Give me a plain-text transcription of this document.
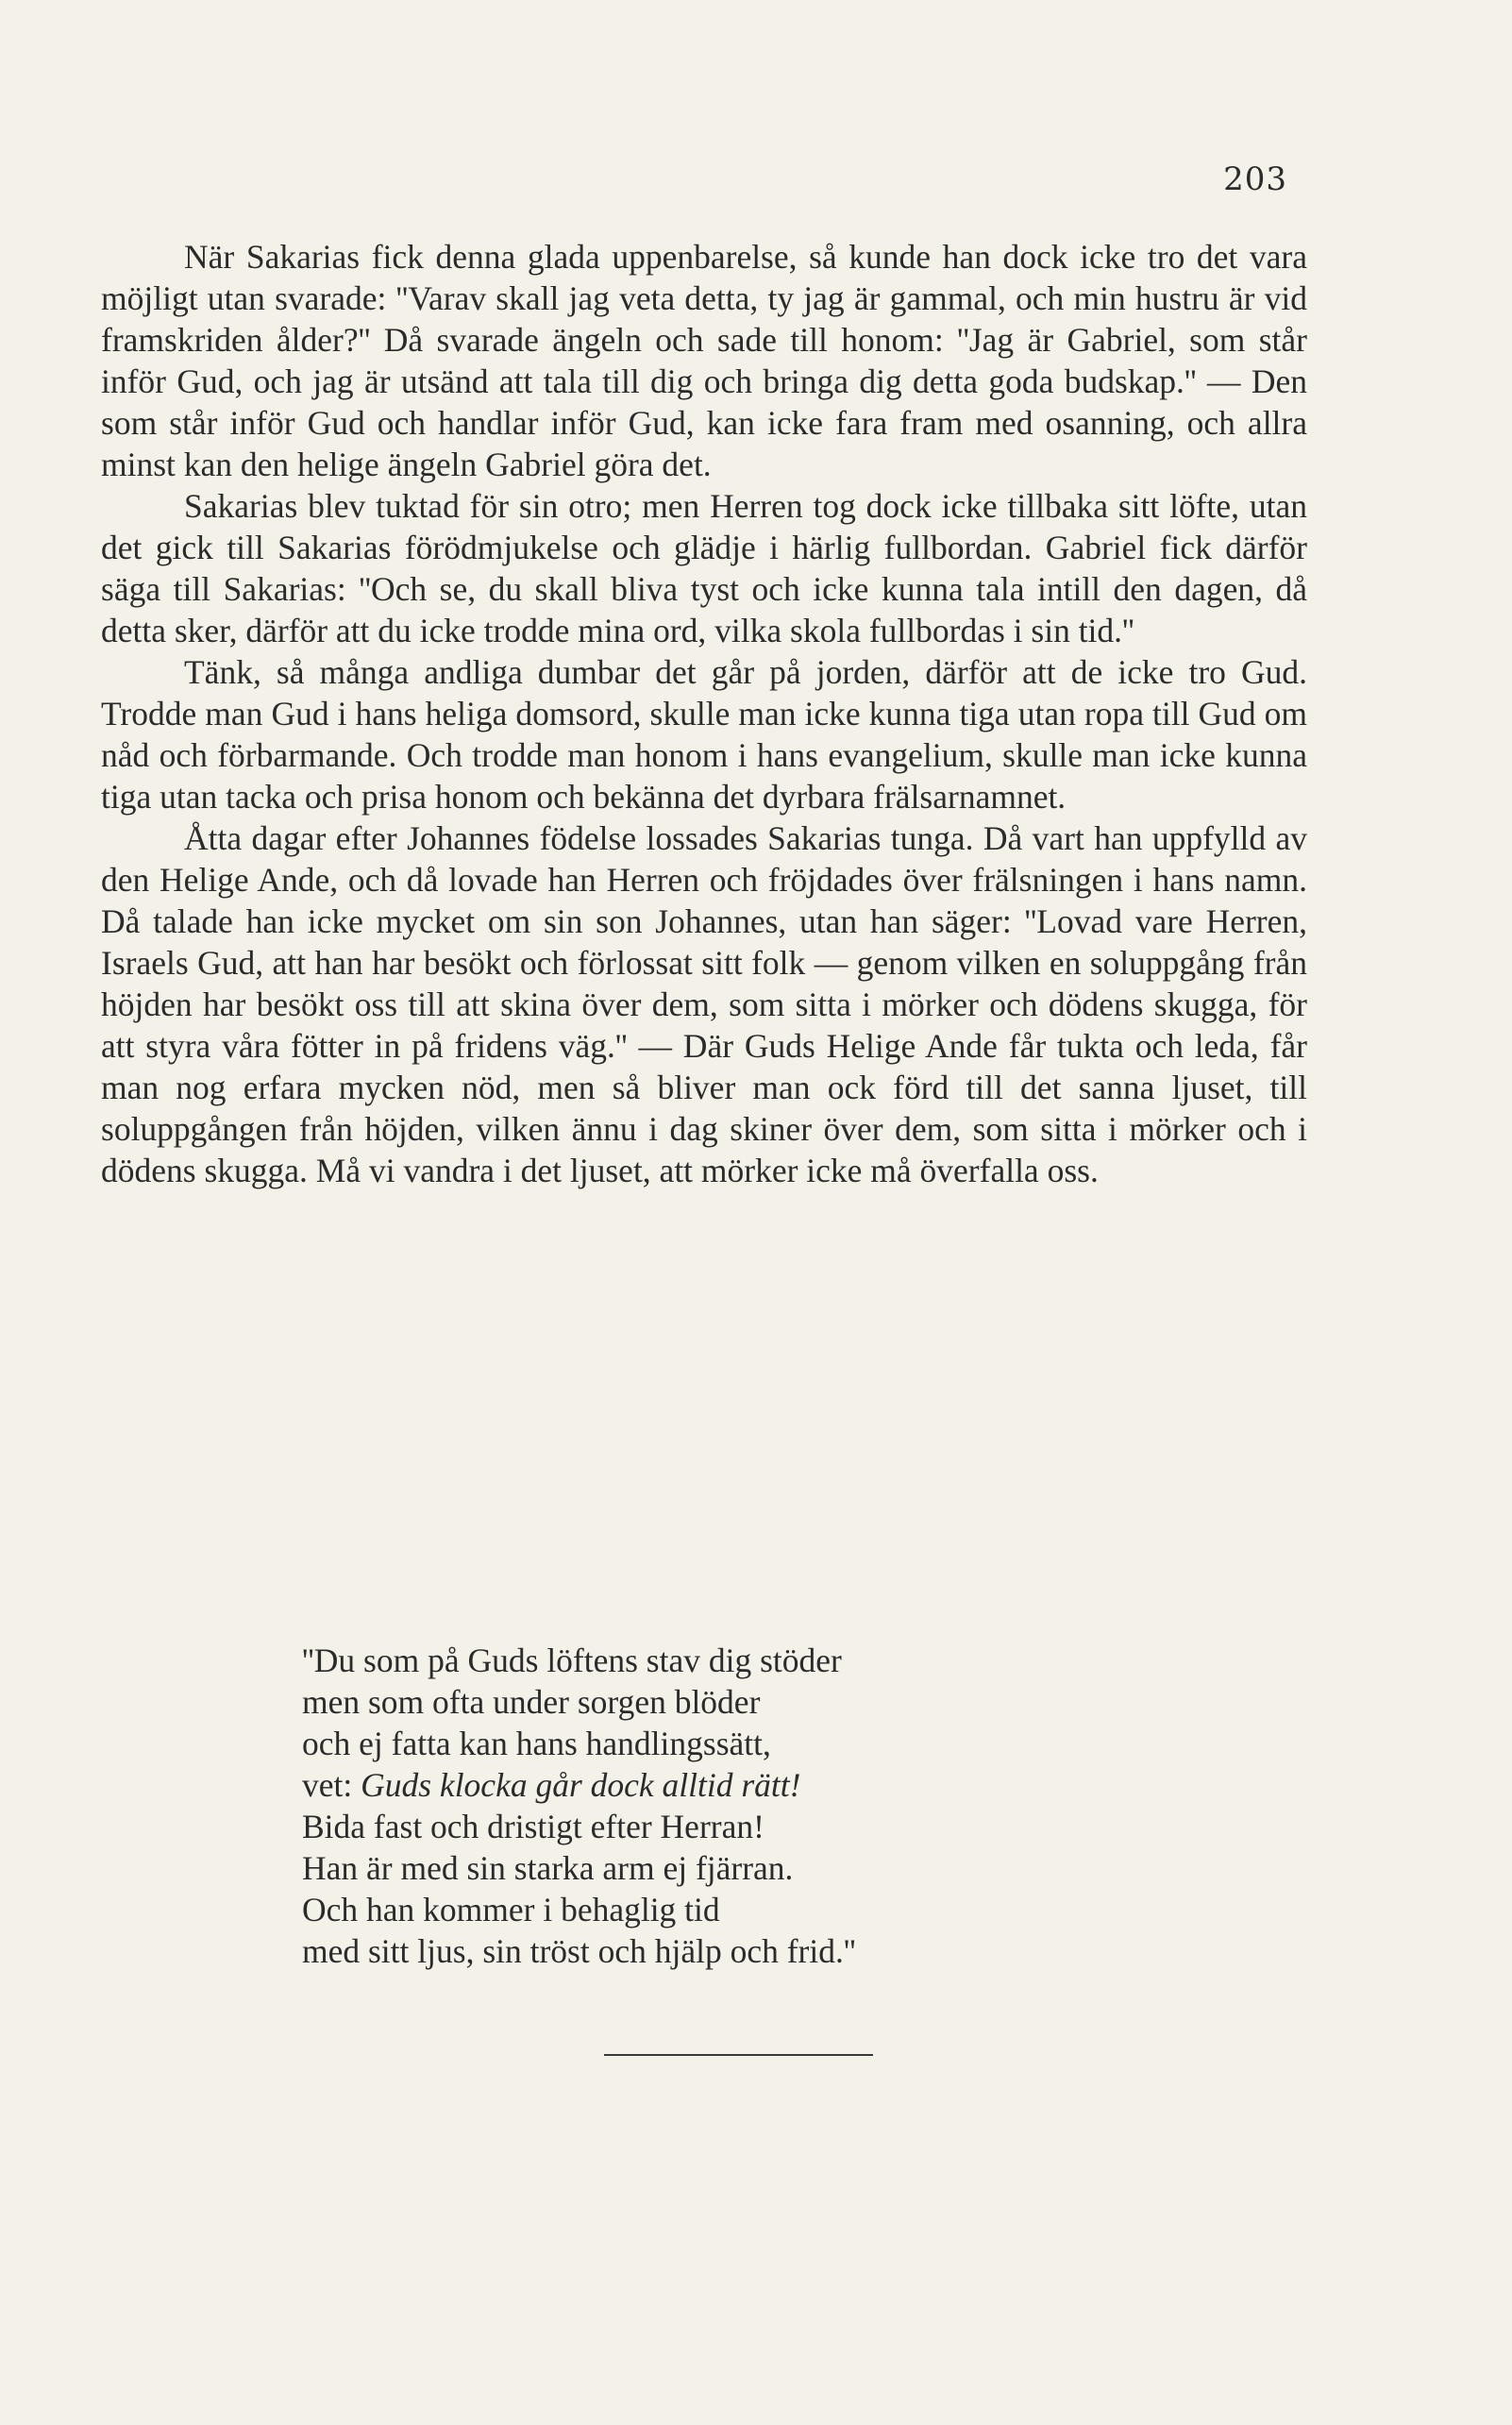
203

När Sakarias fick denna glada uppenbarelse, så kunde han dock icke tro det vara möjligt utan svarade: ''Varav skall jag veta detta, ty jag är gammal, och min hustru är vid framskriden ålder?'' Då svarade ängeln och sade till honom: ''Jag är Gabriel, som står inför Gud, och jag är utsänd att tala till dig och bringa dig detta goda budskap.'' — Den som står inför Gud och handlar inför Gud, kan icke fara fram med osanning, och allra minst kan den helige ängeln Gabriel göra det.

Sakarias blev tuktad för sin otro; men Herren tog dock icke tillbaka sitt löfte, utan det gick till Sakarias förödmjukelse och glädje i härlig fullbordan. Gabriel fick därför säga till Sakarias: ''Och se, du skall bliva tyst och icke kunna tala intill den dagen, då detta sker, därför att du icke trodde mina ord, vilka skola fullbordas i sin tid.''

Tänk, så många andliga dumbar det går på jorden, därför att de icke tro Gud. Trodde man Gud i hans heliga domsord, skulle man icke kunna tiga utan ropa till Gud om nåd och förbarmande. Och trodde man honom i hans evangelium, skulle man icke kunna tiga utan tacka och prisa honom och bekänna det dyrbara frälsarnamnet.

Åtta dagar efter Johannes födelse lossades Sakarias tunga. Då vart han uppfylld av den Helige Ande, och då lovade han Herren och fröjdades över frälsningen i hans namn. Då talade han icke mycket om sin son Johannes, utan han säger: ''Lovad vare Herren, Israels Gud, att han har besökt och förlossat sitt folk — genom vilken en soluppgång från höjden har besökt oss till att skina över dem, som sitta i mörker och dödens skugga, för att styra våra fötter in på fridens väg.'' — Där Guds Helige Ande får tukta och leda, får man nog erfara mycken nöd, men så bliver man ock förd till det sanna ljuset, till soluppgången från höjden, vilken ännu i dag skiner över dem, som sitta i mörker och i dödens skugga. Må vi vandra i det ljuset, att mörker icke må överfalla oss.

''Du som på Guds löftens stav dig stöder
men som ofta under sorgen blöder
och ej fatta kan hans handlingssätt,
vet: Guds klocka går dock alltid rätt!
Bida fast och dristigt efter Herran!
Han är med sin starka arm ej fjärran.
Och han kommer i behaglig tid
med sitt ljus, sin tröst och hjälp och frid.''
